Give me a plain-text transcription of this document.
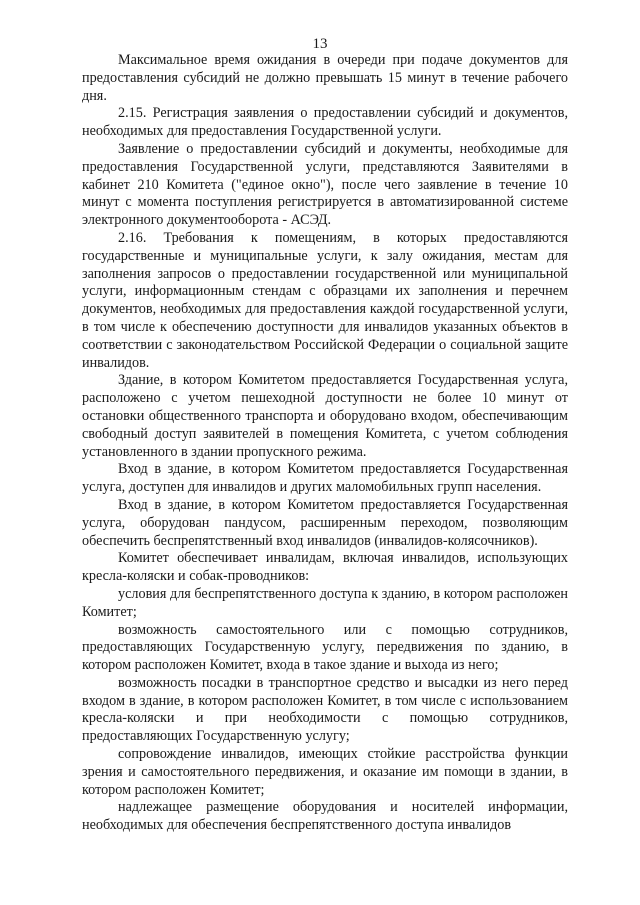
13

Максимальное время ожидания в очереди при подаче документов для предоставления субсидий не должно превышать 15 минут в течение рабочего дня.

2.15. Регистрация заявления о предоставлении субсидий и документов, необходимых для предоставления Государственной услуги.

Заявление о предоставлении субсидий и документы, необходимые для предоставления Государственной услуги, представляются Заявителями в кабинет 210 Комитета ("единое окно"), после чего заявление в течение 10 минут с момента поступления регистрируется в автоматизированной системе электронного документооборота - АСЭД.

2.16. Требования к помещениям, в которых предоставляются государственные и муниципальные услуги, к залу ожидания, местам для заполнения запросов о предоставлении государственной или муниципальной услуги, информационным стендам с образцами их заполнения и перечнем документов, необходимых для предоставления каждой государственной услуги, в том числе к обеспечению доступности для инвалидов указанных объектов в соответствии с законодательством Российской Федерации о социальной защите инвалидов.

Здание, в котором Комитетом предоставляется Государственная услуга, расположено с учетом пешеходной доступности не более 10 минут от остановки общественного транспорта и оборудовано входом, обеспечивающим свободный доступ заявителей в помещения Комитета, с учетом соблюдения установленного в здании пропускного режима.

Вход в здание, в котором Комитетом предоставляется Государственная услуга, доступен для инвалидов и других маломобильных групп населения.

Вход в здание, в котором Комитетом предоставляется Государственная услуга, оборудован пандусом, расширенным переходом, позволяющим обеспечить беспрепятственный вход инвалидов (инвалидов-колясочников).

Комитет обеспечивает инвалидам, включая инвалидов, использующих кресла-коляски и собак-проводников:

условия для беспрепятственного доступа к зданию, в котором расположен Комитет;

возможность самостоятельного или с помощью сотрудников, предоставляющих Государственную услугу, передвижения по зданию, в котором расположен Комитет, входа в такое здание и выхода из него;

возможность посадки в транспортное средство и высадки из него перед входом в здание, в котором расположен Комитет, в том числе с использованием кресла-коляски и при необходимости с помощью сотрудников, предоставляющих Государственную услугу;

сопровождение инвалидов, имеющих стойкие расстройства функции зрения и самостоятельного передвижения, и оказание им помощи в здании, в котором расположен Комитет;

надлежащее размещение оборудования и носителей информации, необходимых для обеспечения беспрепятственного доступа инвалидов
